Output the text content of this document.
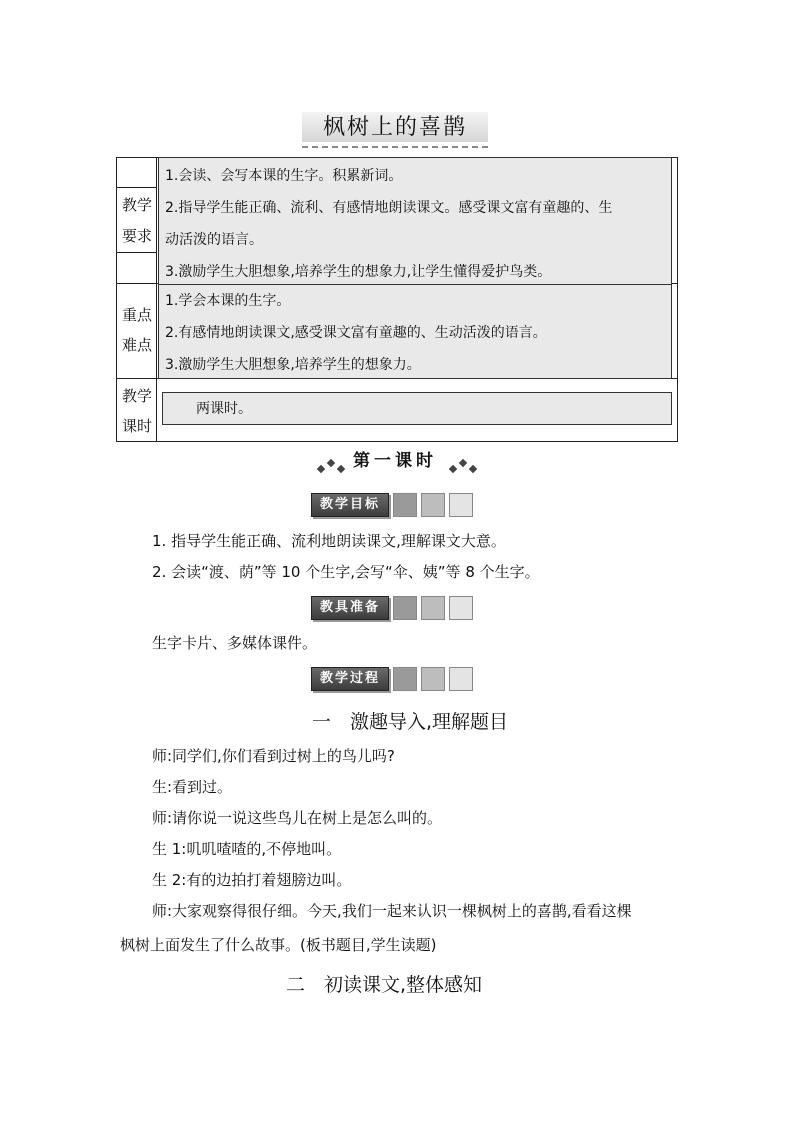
枫树上的喜鹊
教学
要求
1.会读、会写本课的生字。积累新词。
2.指导学生能正确、流利、有感情地朗读课文。感受课文富有童趣的、生
动活泼的语言。
3.激励学生大胆想象,培养学生的想象力,让学生懂得爱护鸟类。
重点
难点
1.学会本课的生字。
2.有感情地朗读课文,感受课文富有童趣的、生动活泼的语言。
3.激励学生大胆想象,培养学生的想象力。
教学
课时
两课时。
第一课时
教学目标
1. 指导学生能正确、流利地朗读课文,理解课文大意。
2. 会读“渡、荫”等 10 个生字,会写“伞、姨”等 8 个生字。
教具准备
生字卡片、多媒体课件。
教学过程
一　激趣导入,理解题目
师:同学们,你们看到过树上的鸟儿吗?
生:看到过。
师:请你说一说这些鸟儿在树上是怎么叫的。
生 1:叽叽喳喳的,不停地叫。
生 2:有的边拍打着翅膀边叫。
师:大家观察得很仔细。今天,我们一起来认识一棵枫树上的喜鹊,看看这棵
枫树上面发生了什么故事。(板书题目,学生读题)
二　初读课文,整体感知
